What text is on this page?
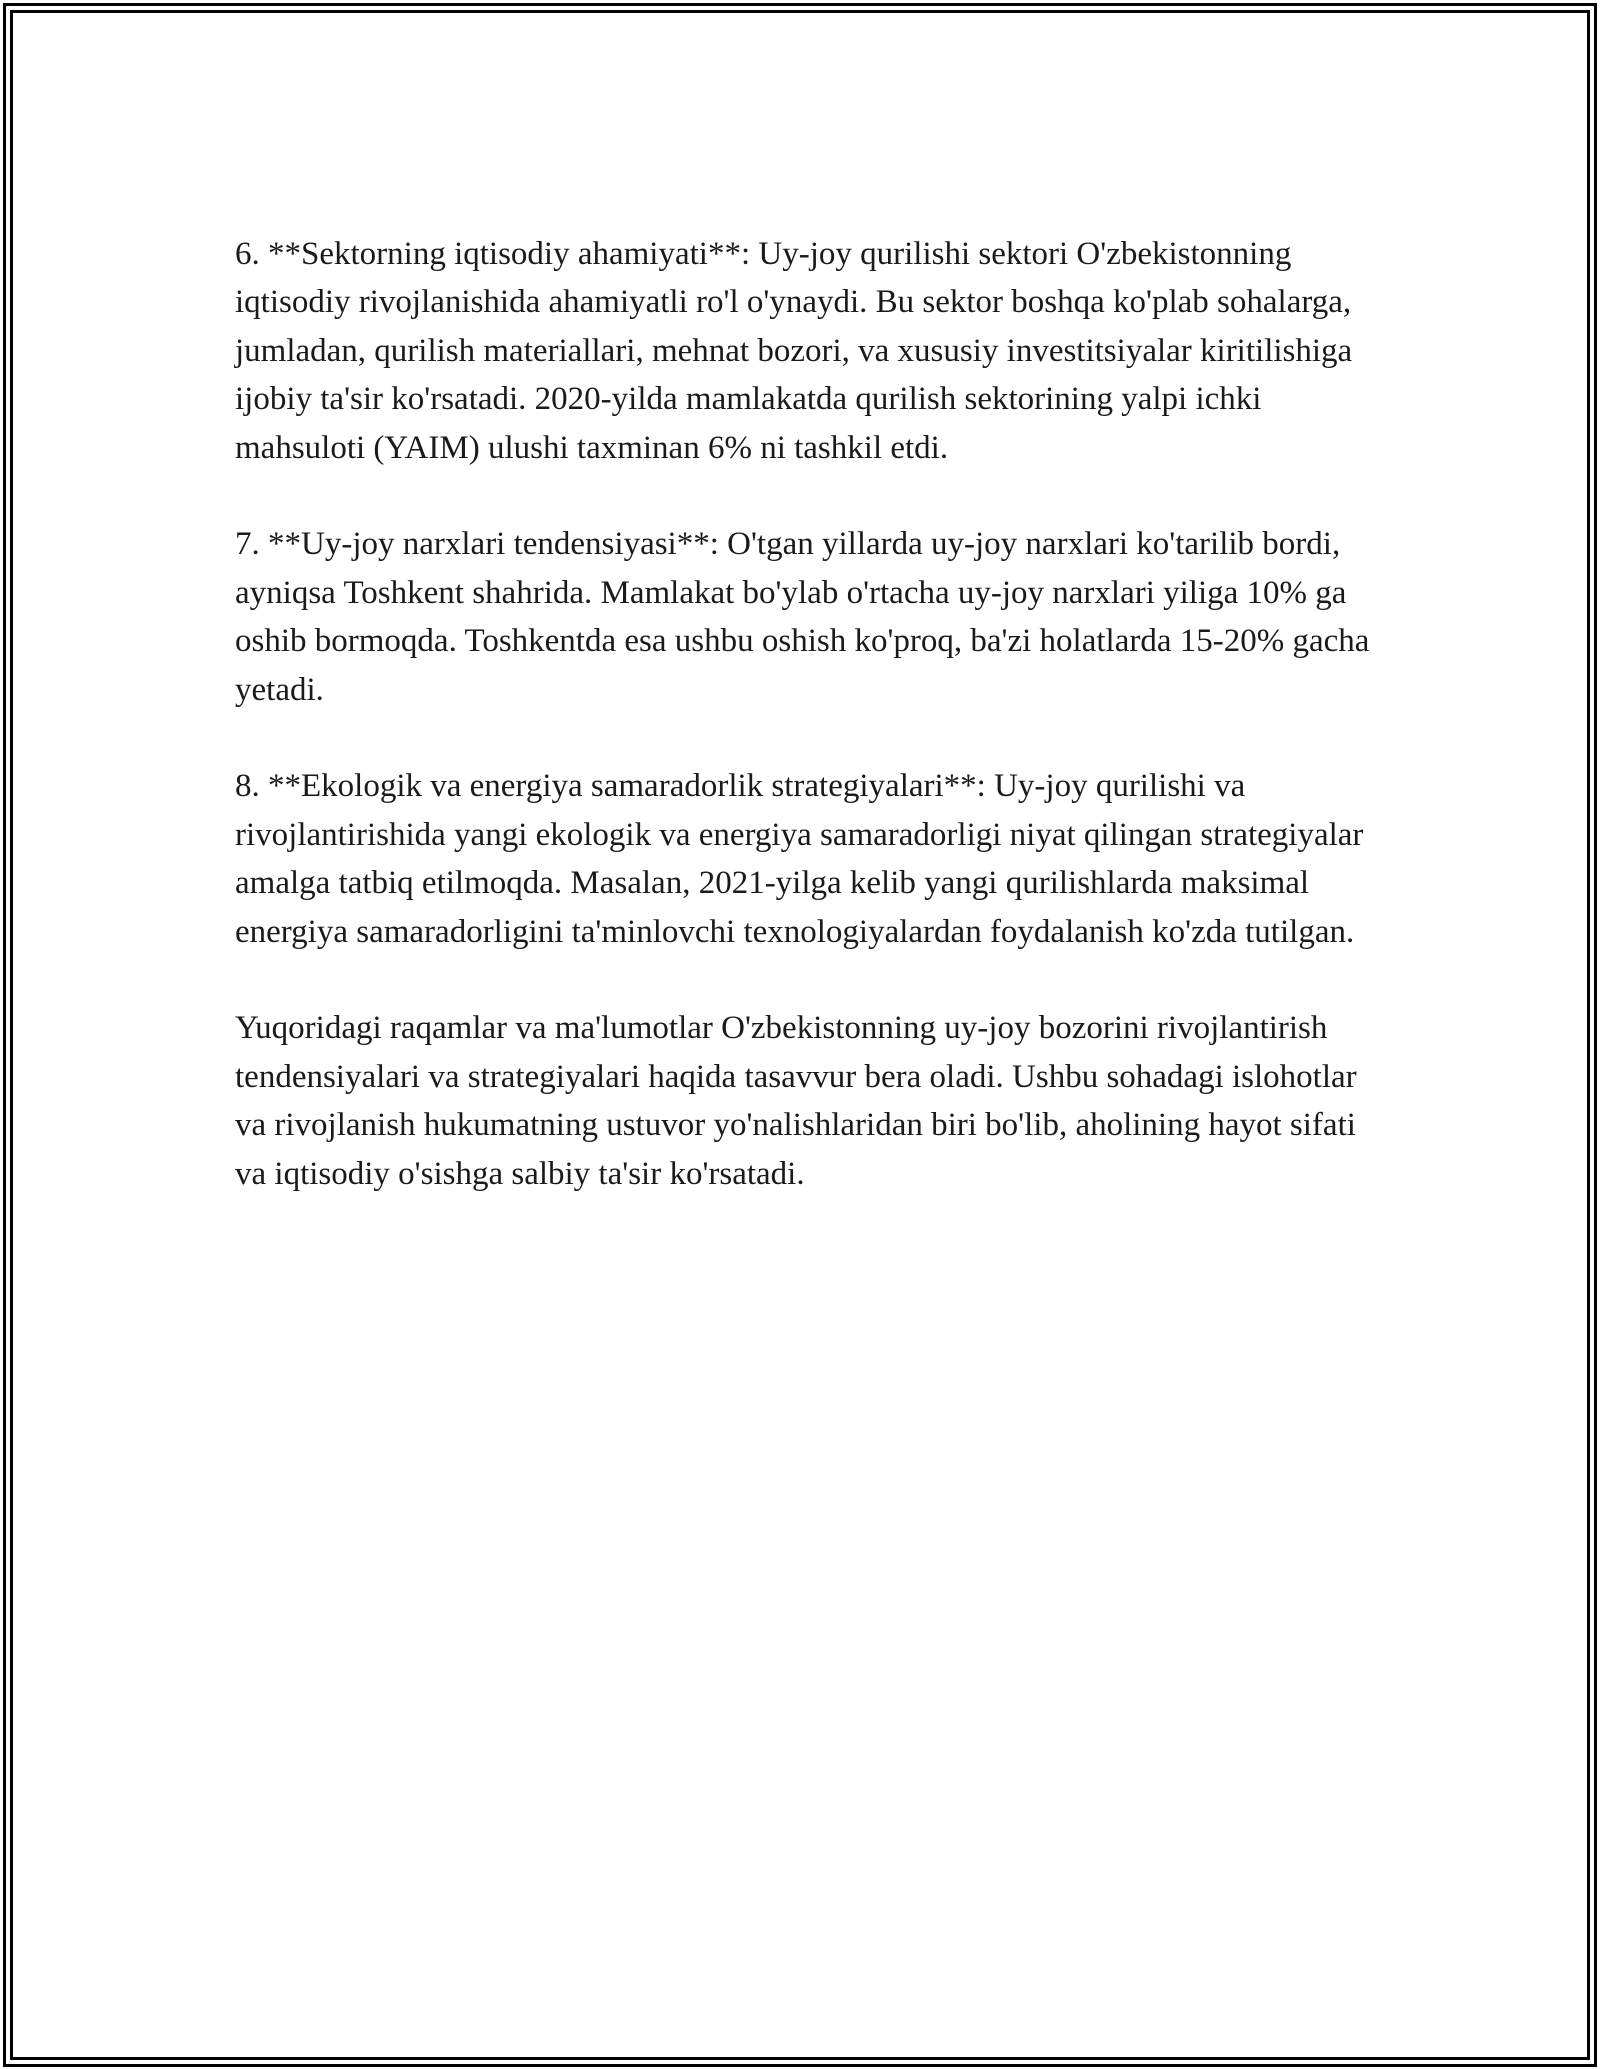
6. **Sektorning iqtisodiy ahamiyati**: Uy-joy qurilishi sektori O'zbekistonning iqtisodiy rivojlanishida ahamiyatli ro'l o'ynaydi. Bu sektor boshqa ko'plab sohalarga, jumladan, qurilish materiallari, mehnat bozori, va xususiy investitsiyalar kiritilishiga ijobiy ta'sir ko'rsatadi. 2020-yilda mamlakatda qurilish sektorining yalpi ichki mahsuloti (YAIM) ulushi taxminan 6% ni tashkil etdi.

7. **Uy-joy narxlari tendensiyasi**: O'tgan yillarda uy-joy narxlari ko'tarilib bordi, ayniqsa Toshkent shahrida. Mamlakat bo'ylab o'rtacha uy-joy narxlari yiliga 10% ga oshib bormoqda. Toshkentda esa ushbu oshish ko'proq, ba'zi holatlarda 15-20% gacha yetadi.

8. **Ekologik va energiya samaradorlik strategiyalari**: Uy-joy qurilishi va rivojlantirishida yangi ekologik va energiya samaradorligi niyat qilingan strategiyalar amalga tatbiq etilmoqda. Masalan, 2021-yilga kelib yangi qurilishlarda maksimal energiya samaradorligini ta'minlovchi texnologiyalardan foydalanish ko'zda tutilgan.

Yuqoridagi raqamlar va ma'lumotlar O'zbekistonning uy-joy bozorini rivojlantirish tendensiyalari va strategiyalari haqida tasavvur bera oladi. Ushbu sohadagi islohotlar va rivojlanish hukumatning ustuvor yo'nalishlaridan biri bo'lib, aholining hayot sifati va iqtisodiy o'sishga salbiy ta'sir ko'rsatadi.
